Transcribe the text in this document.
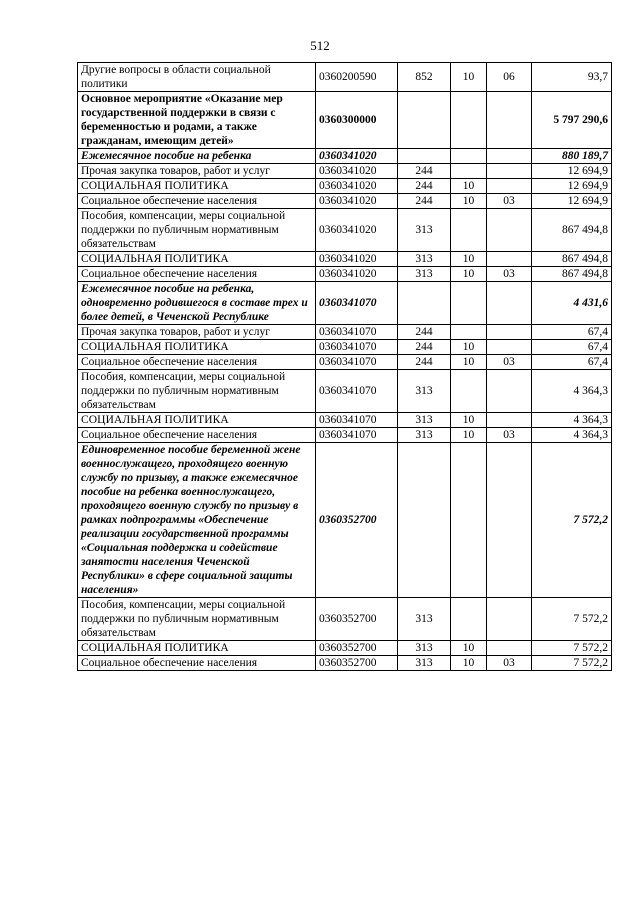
512
Другие вопросы в области социальной политики	0360200590	852	10	06	93,7
Основное мероприятие «Оказание мер государственной поддержки в связи с беременностью и родами, а также гражданам, имеющим детей»	0360300000				5 797 290,6
Ежемесячное пособие на ребенка	0360341020				880 189,7
Прочая закупка товаров, работ и услуг	0360341020	244			12 694,9
СОЦИАЛЬНАЯ ПОЛИТИКА	0360341020	244	10		12 694,9
Социальное обеспечение населения	0360341020	244	10	03	12 694,9
Пособия, компенсации, меры социальной поддержки по публичным нормативным обязательствам	0360341020	313			867 494,8
СОЦИАЛЬНАЯ ПОЛИТИКА	0360341020	313	10		867 494,8
Социальное обеспечение населения	0360341020	313	10	03	867 494,8
Ежемесячное пособие на ребенка, одновременно родившегося в составе трех и более детей, в Чеченской Республике	0360341070				4 431,6
Прочая закупка товаров, работ и услуг	0360341070	244			67,4
СОЦИАЛЬНАЯ ПОЛИТИКА	0360341070	244	10		67,4
Социальное обеспечение населения	0360341070	244	10	03	67,4
Пособия, компенсации, меры социальной поддержки по публичным нормативным обязательствам	0360341070	313			4 364,3
СОЦИАЛЬНАЯ ПОЛИТИКА	0360341070	313	10		4 364,3
Социальное обеспечение населения	0360341070	313	10	03	4 364,3
Единовременное пособие беременной жене военнослужащего, проходящего военную службу по призыву, а также ежемесячное пособие на ребенка военнослужащего, проходящего военную службу по призыву в рамках подпрограммы «Обеспечение реализации государственной программы «Социальная поддержка и содействие занятости населения Чеченской Республики» в сфере социальной защиты населения»	0360352700				7 572,2
Пособия, компенсации, меры социальной поддержки по публичным нормативным обязательствам	0360352700	313			7 572,2
СОЦИАЛЬНАЯ ПОЛИТИКА	0360352700	313	10		7 572,2
Социальное обеспечение населения	0360352700	313	10	03	7 572,2
